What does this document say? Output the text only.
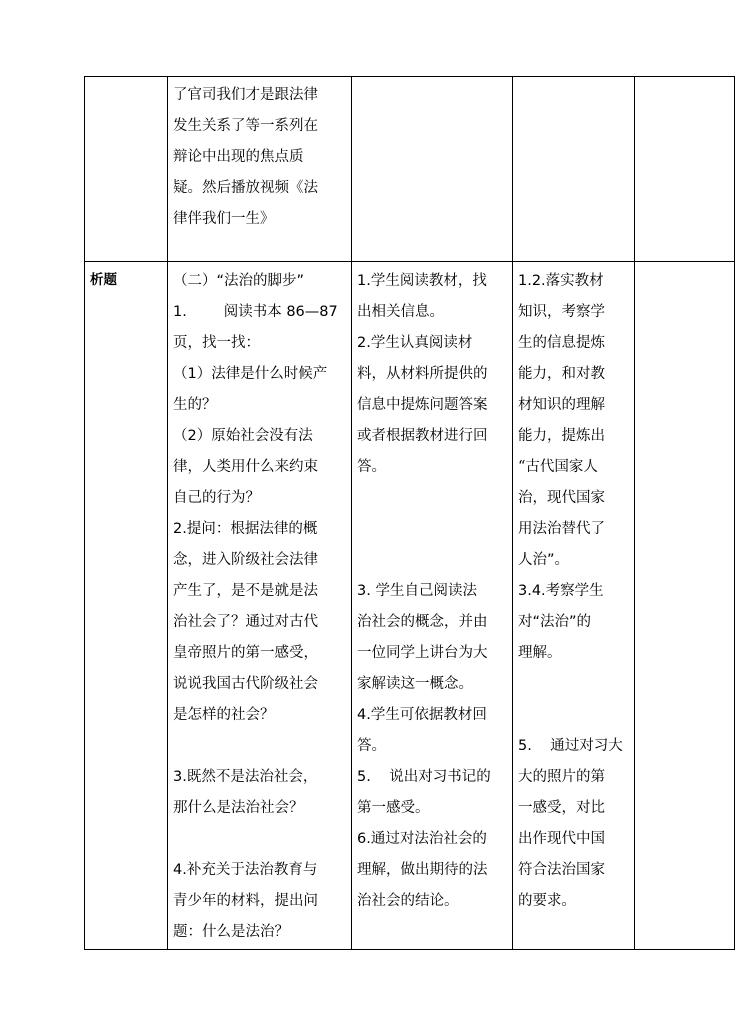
了官司我们才是跟法律

发生关系了等一系列在

辩论中出现的焦点质

疑。然后播放视频《法

律伴我们一生》

析题	（二）“法治的脚步”

1.        阅读书本 86—87

页，找一找：

（1）法律是什么时候产

生的？

（2）原始社会没有法

律，人类用什么来约束

自己的行为？

2.提问：根据法律的概

念，进入阶级社会法律

产生了，是不是就是法

治社会了？通过对古代

皇帝照片的第一感受，

说说我国古代阶级社会

是怎样的社会？

3.既然不是法治社会，

那什么是法治社会？

4.补充关于法治教育与

青少年的材料，提出问

题：什么是法治？

1.学生阅读教材，找

出相关信息。

2.学生认真阅读材

料，从材料所提供的

信息中提炼问题答案

或者根据教材进行回

答。

3. 学生自己阅读法

治社会的概念，并由

一位同学上讲台为大

家解读这一概念。

4.学生可依据教材回

答。

5.    说出对习书记的

第一感受。

6.通过对法治社会的

理解，做出期待的法

治社会的结论。

1.2.落实教材

知识，考察学

生的信息提炼

能力，和对教

材知识的理解

能力，提炼出

“古代国家人

治，现代国家

用法治替代了

人治”。

3.4.考察学生

对“法治”的

理解。

5.    通过对习大

大的照片的第

一感受，对比

出作现代中国

符合法治国家

的要求。
